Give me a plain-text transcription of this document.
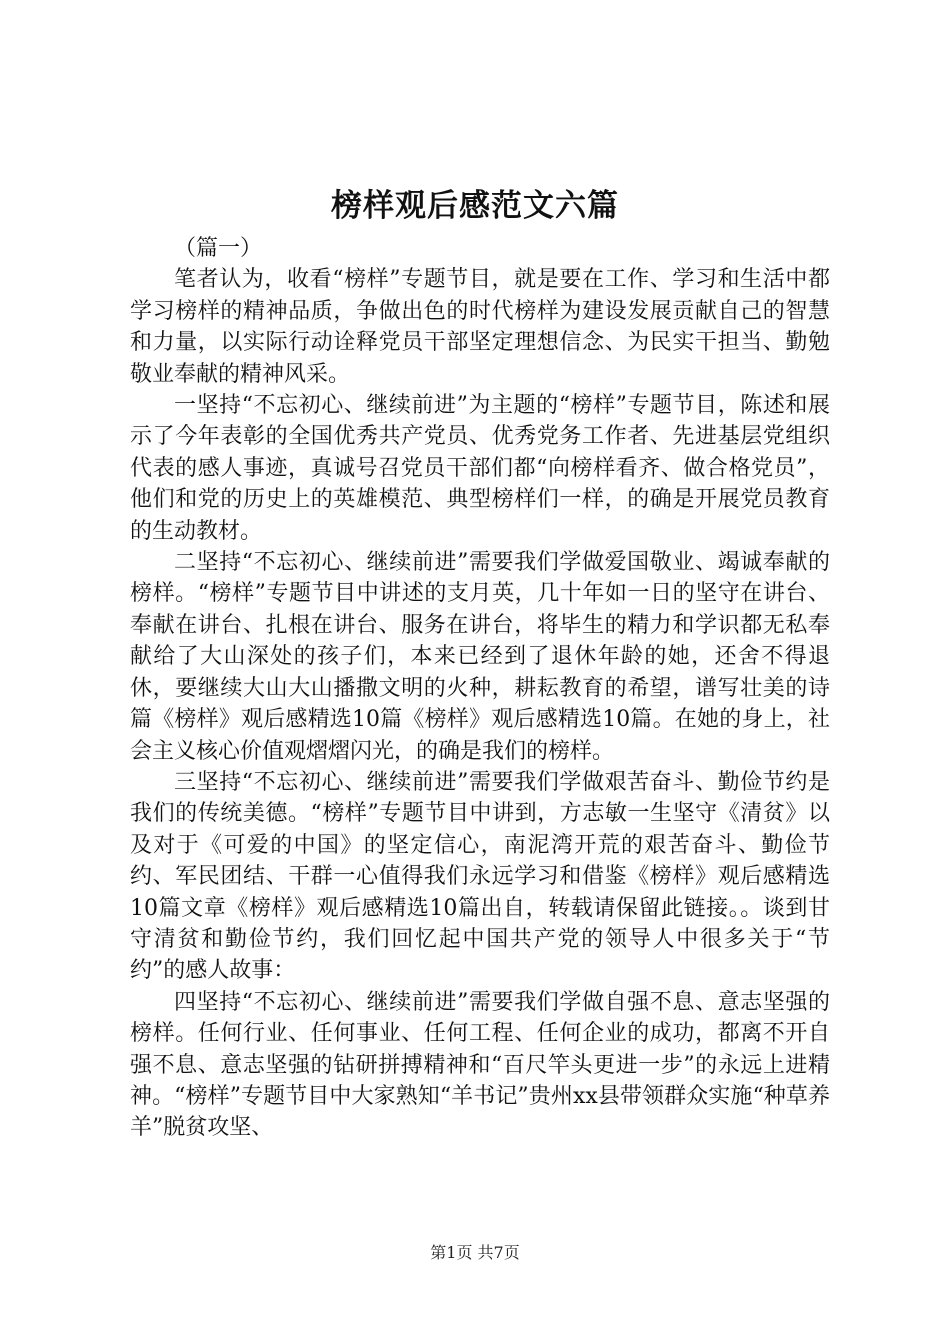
榜样观后感范文六篇

（篇一）

笔者认为，收看“榜样”专题节目，就是要在工作、学习和生活中都学习榜样的精神品质，争做出色的时代榜样为建设发展贡献自己的智慧和力量，以实际行动诠释党员干部坚定理想信念、为民实干担当、勤勉敬业奉献的精神风采。

一坚持“不忘初心、继续前进”为主题的“榜样”专题节目，陈述和展示了今年表彰的全国优秀共产党员、优秀党务工作者、先进基层党组织代表的感人事迹，真诚号召党员干部们都“向榜样看齐、做合格党员”，他们和党的历史上的英雄模范、典型榜样们一样，的确是开展党员教育的生动教材。

二坚持“不忘初心、继续前进”需要我们学做爱国敬业、竭诚奉献的榜样。“榜样”专题节目中讲述的支月英，几十年如一日的坚守在讲台、奉献在讲台、扎根在讲台、服务在讲台，将毕生的精力和学识都无私奉献给了大山深处的孩子们，本来已经到了退休年龄的她，还舍不得退休，要继续大山大山播撒文明的火种，耕耘教育的希望，谱写壮美的诗篇《榜样》观后感精选10篇《榜样》观后感精选10篇。在她的身上，社会主义核心价值观熠熠闪光，的确是我们的榜样。

三坚持“不忘初心、继续前进”需要我们学做艰苦奋斗、勤俭节约是我们的传统美德。“榜样”专题节目中讲到，方志敏一生坚守《清贫》以及对于《可爱的中国》的坚定信心，南泥湾开荒的艰苦奋斗、勤俭节约、军民团结、干群一心值得我们永远学习和借鉴《榜样》观后感精选10篇文章《榜样》观后感精选10篇出自，转载请保留此链接。。谈到甘守清贫和勤俭节约，我们回忆起中国共产党的领导人中很多关于“节约”的感人故事：

四坚持“不忘初心、继续前进”需要我们学做自强不息、意志坚强的榜样。任何行业、任何事业、任何工程、任何企业的成功，都离不开自强不息、意志坚强的钻研拼搏精神和“百尺竿头更进一步”的永远上进精神。“榜样”专题节目中大家熟知“羊书记”贵州xx县带领群众实施“种草养羊”脱贫攻坚、

第1页 共7页
